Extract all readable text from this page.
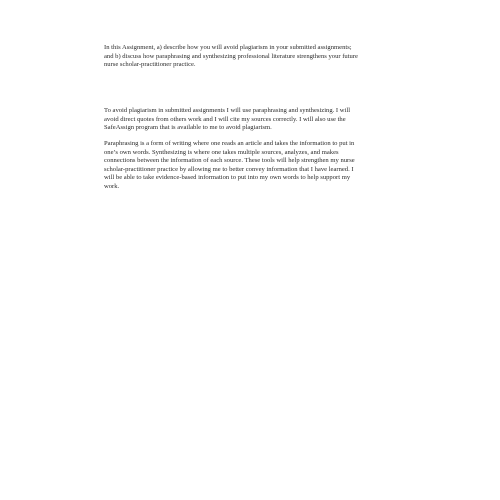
In this Assignment, a) describe how you will avoid plagiarism in your submitted assignments;
and b) discuss how paraphrasing and synthesizing professional literature strengthens your future
nurse scholar-practitioner practice.

To avoid plagiarism in submitted assignments I will use paraphrasing and synthesizing. I will
avoid direct quotes from others work and I will cite my sources correctly. I will also use the
SafeAssign program that is available to me to avoid plagiarism.

Paraphrasing is a form of writing where one reads an article and takes the information to put in
one’s own words. Synthesizing is where one takes multiple sources, analyzes, and makes
connections between the information of each source. These tools will help strengthen my nurse
scholar-practitioner practice by allowing me to better convey information that I have learned. I
will be able to take evidence-based information to put into my own words to help support my
work.
